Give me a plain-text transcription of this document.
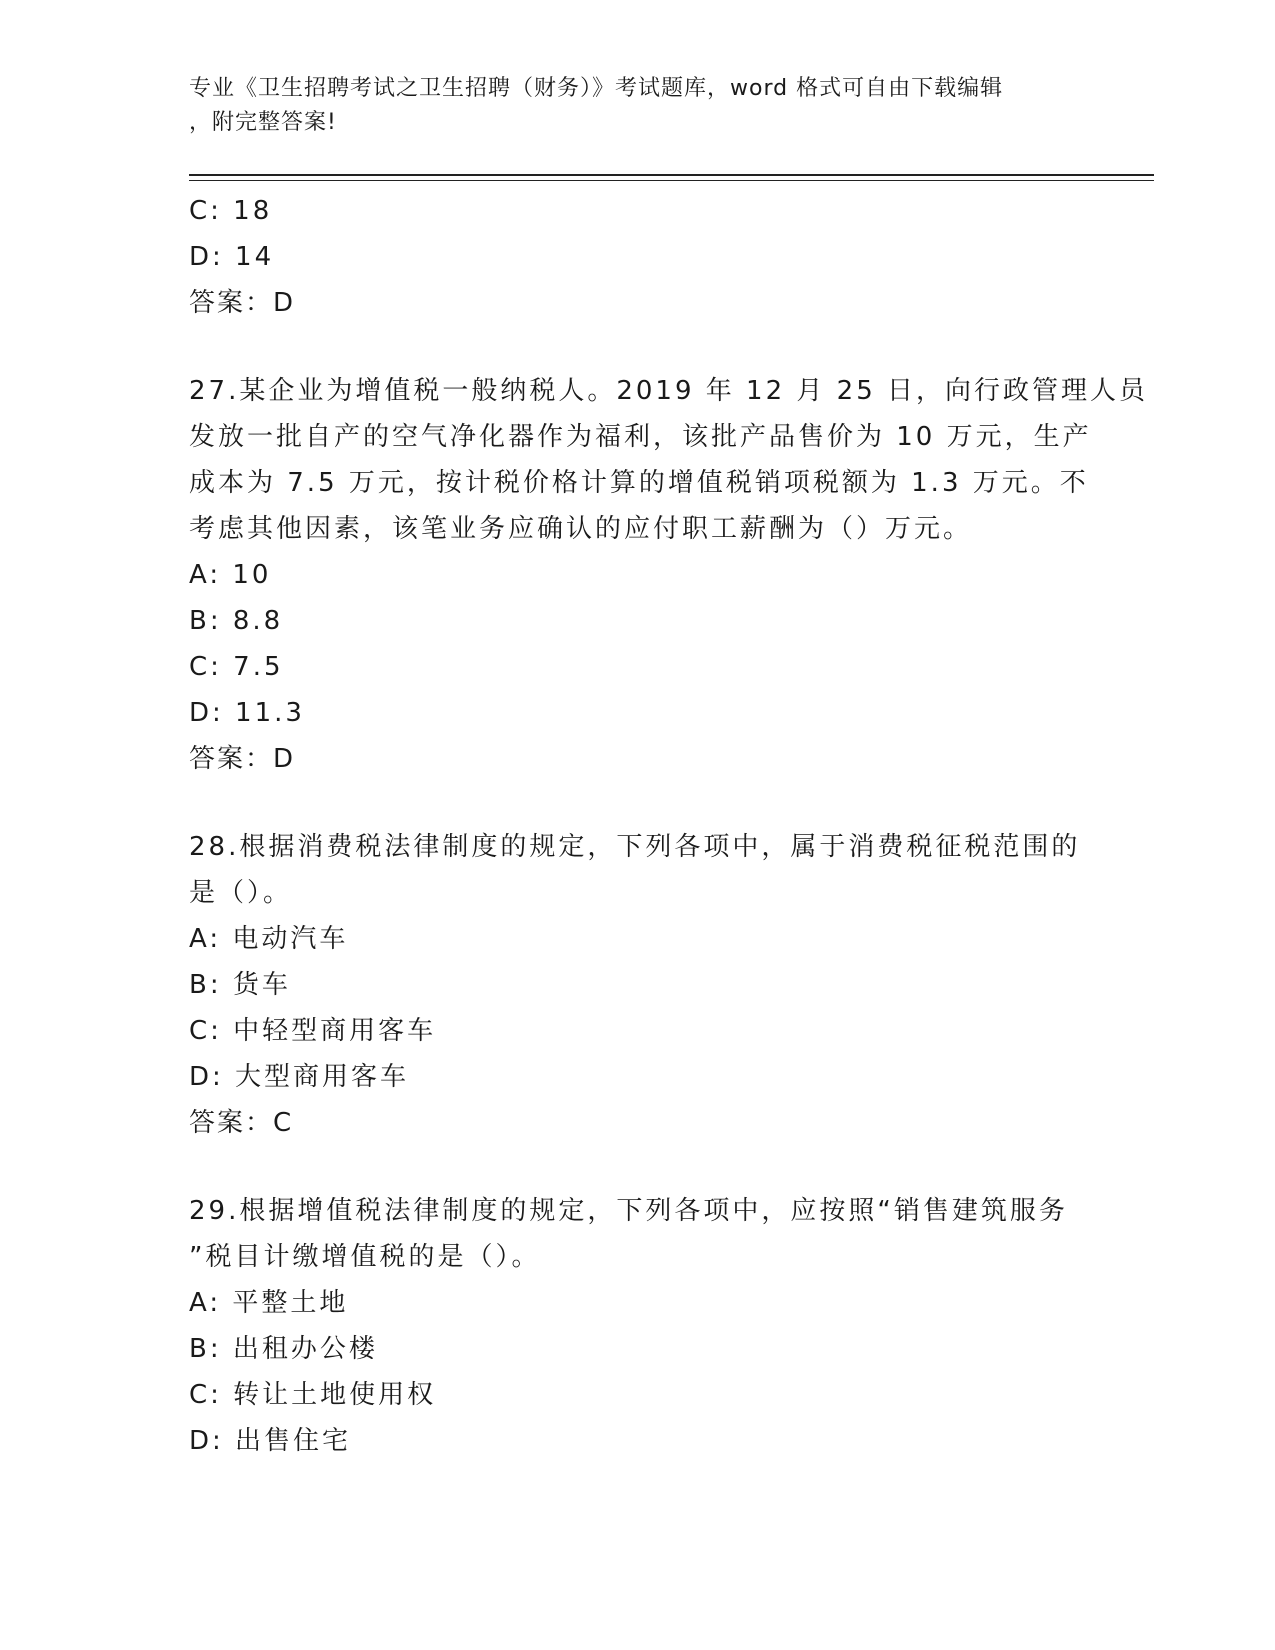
专业《卫生招聘考试之卫生招聘（财务）》考试题库，word 格式可自由下载编辑
，附完整答案!
C: 18
D: 14
答案：D
27.某企业为增值税一般纳税人。2019 年 12 月 25 日，向行政管理人员
发放一批自产的空气净化器作为福利，该批产品售价为 10 万元，生产
成本为 7.5 万元，按计税价格计算的增值税销项税额为 1.3 万元。不
考虑其他因素，该笔业务应确认的应付职工薪酬为（）万元。
A: 10
B: 8.8
C: 7.5
D: 11.3
答案：D
28.根据消费税法律制度的规定，下列各项中，属于消费税征税范围的
是（）。
A: 电动汽车
B: 货车
C: 中轻型商用客车
D: 大型商用客车
答案：C
29.根据增值税法律制度的规定，下列各项中，应按照“销售建筑服务
”税目计缴增值税的是（）。
A: 平整土地
B: 出租办公楼
C: 转让土地使用权
D: 出售住宅
